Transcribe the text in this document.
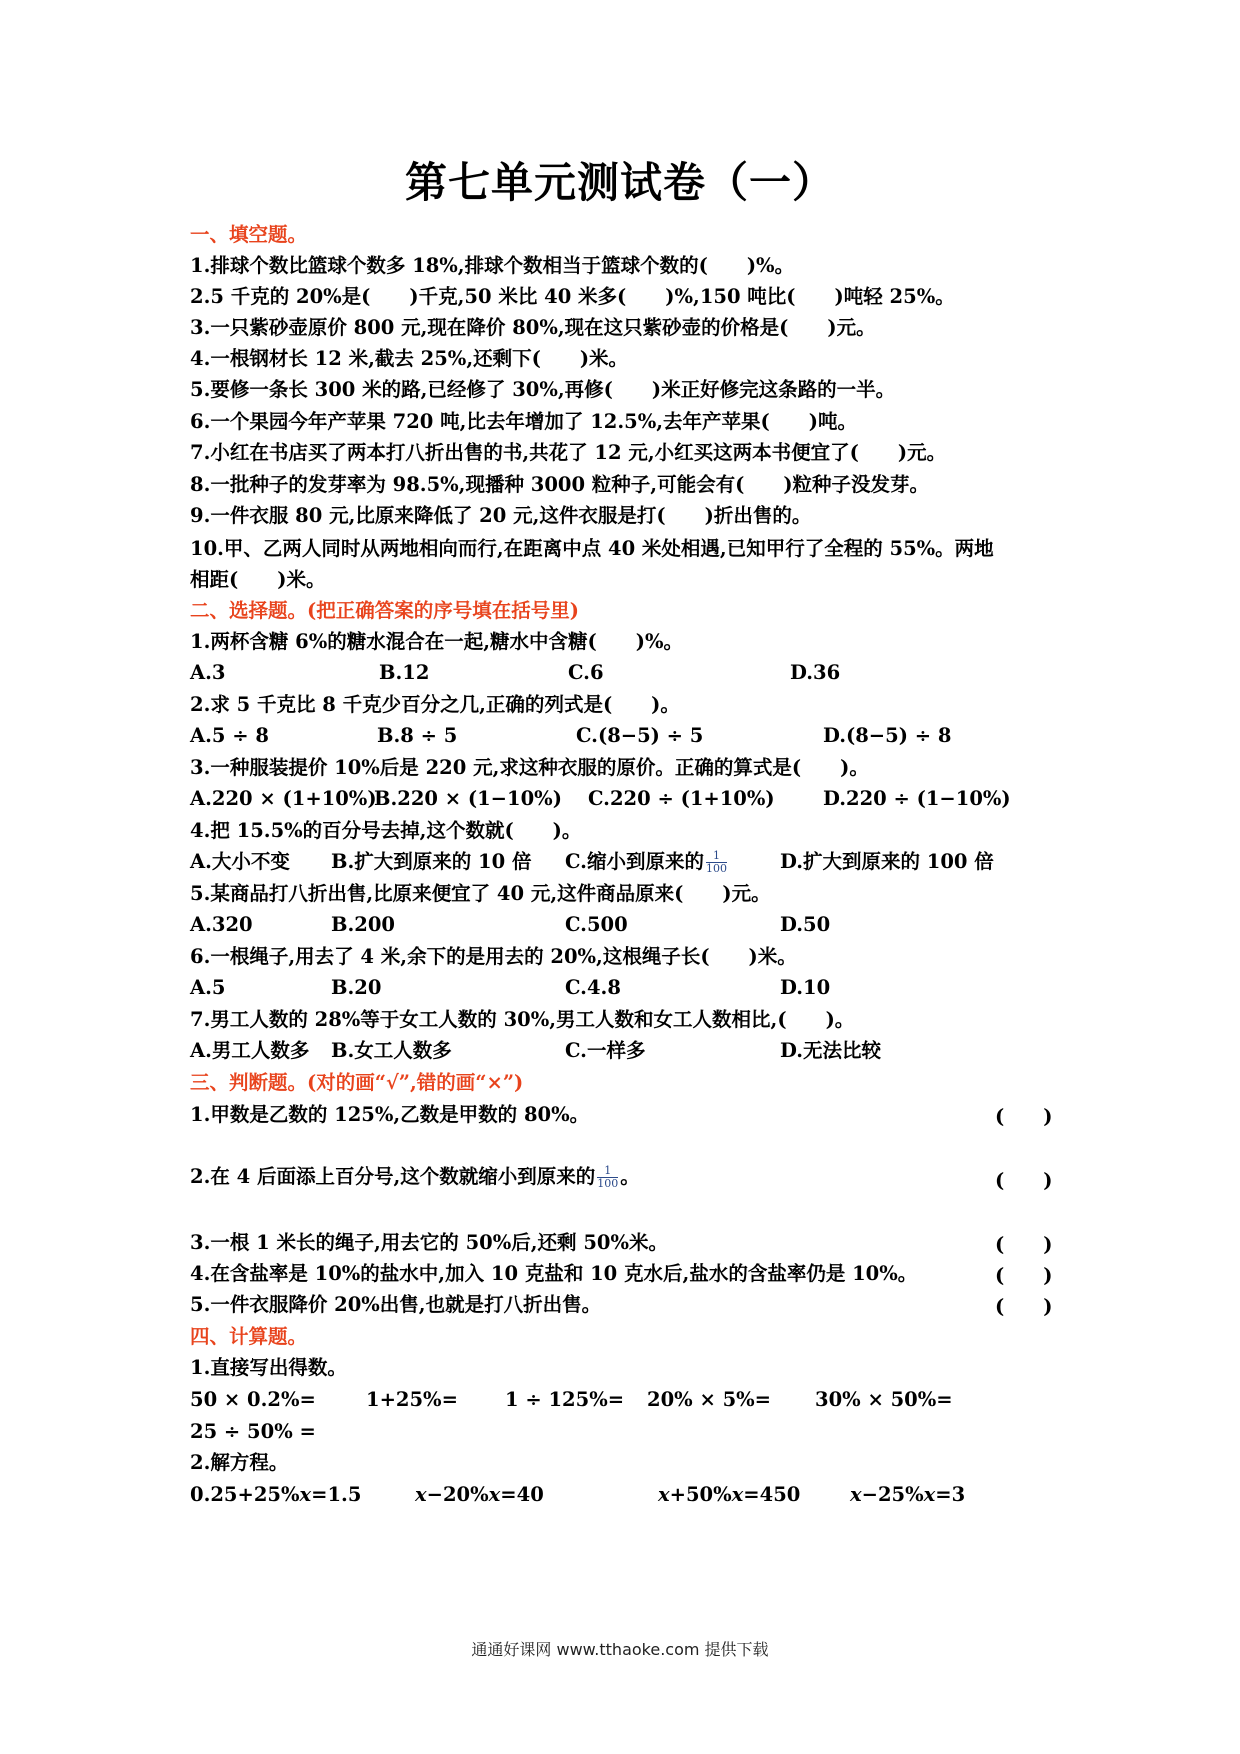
第七单元测试卷（一）
一、填空题。
1.排球个数比篮球个数多 18%,排球个数相当于篮球个数的(　　)%。
2.5 千克的 20%是(　　)千克,50 米比 40 米多(　　)%,150 吨比(　　)吨轻 25%。
3.一只紫砂壶原价 800 元,现在降价 80%,现在这只紫砂壶的价格是(　　)元。
4.一根钢材长 12 米,截去 25%,还剩下(　　)米。
5.要修一条长 300 米的路,已经修了 30%,再修(　　)米正好修完这条路的一半。
6.一个果园今年产苹果 720 吨,比去年增加了 12.5%,去年产苹果(　　)吨。
7.小红在书店买了两本打八折出售的书,共花了 12 元,小红买这两本书便宜了(　　)元。
8.一批种子的发芽率为 98.5%,现播种 3000 粒种子,可能会有(　　)粒种子没发芽。
9.一件衣服 80 元,比原来降低了 20 元,这件衣服是打(　　)折出售的。
10.甲、乙两人同时从两地相向而行,在距离中点 40 米处相遇,已知甲行了全程的 55%。两地
相距(　　)米。
二、选择题。(把正确答案的序号填在括号里)
1.两杯含糖 6%的糖水混合在一起,糖水中含糖(　　)%。
A.3	B.12	C.6	D.36
2.求 5 千克比 8 千克少百分之几,正确的列式是(　　)。
A.5 ÷ 8	B.8 ÷ 5	C.(8−5) ÷ 5	D.(8−5) ÷ 8
3.一种服装提价 10%后是 220 元,求这种衣服的原价。正确的算式是(　　)。
A.220 × (1+10%)
B.220 × (1−10%) C.220 ÷ (1+10%) D.220 ÷ (1−10%)
4.把 15.5%的百分号去掉,这个数就(　　)。
A.大小不变 B.扩大到原来的 10 倍 C.缩小到原来的 $\frac{1}{100}$	D.扩大到原来的 100 倍
5.某商品打八折出售,比原来便宜了 40 元,这件商品原来(　　)元。
A.320	B.200	C.500	D.50
6.一根绳子,用去了 4 米,余下的是用去的 20%,这根绳子长(　　)米。
A.5	B.20	C.4.8	D.10
7.男工人数的 28%等于女工人数的 30%,男工人数和女工人数相比,(　　)。
A.男工人数多 B.女工人数多	C.一样多	D.无法比较
三、判断题。(对的画“√”,错的画“×”)
1.甲数是乙数的 125%,乙数是甲数的 80%。	(　　)
2.在 4 后面添上百分号,这个数就缩小到原来的 $\frac{1}{100}$ 。	(　　)
3.一根 1 米长的绳子,用去它的 50%后,还剩 50%米。	(　　)
4.在含盐率是 10%的盐水中,加入 10 克盐和 10 克水后,盐水的含盐率仍是 10%。	(　　)
5.一件衣服降价 20%出售,也就是打八折出售。	(　　)
四、计算题。
1.直接写出得数。
50 × 0.2%=	1+25%= 1 ÷ 125%= 20% × 5%= 30% × 50%=
25 ÷ 50% =
2.解方程。
0.25+25%x=1.5	x−20%x=40	x+50%x=450	x−25%x=3
通通好课网 www.tthaoke.com 提供下载
